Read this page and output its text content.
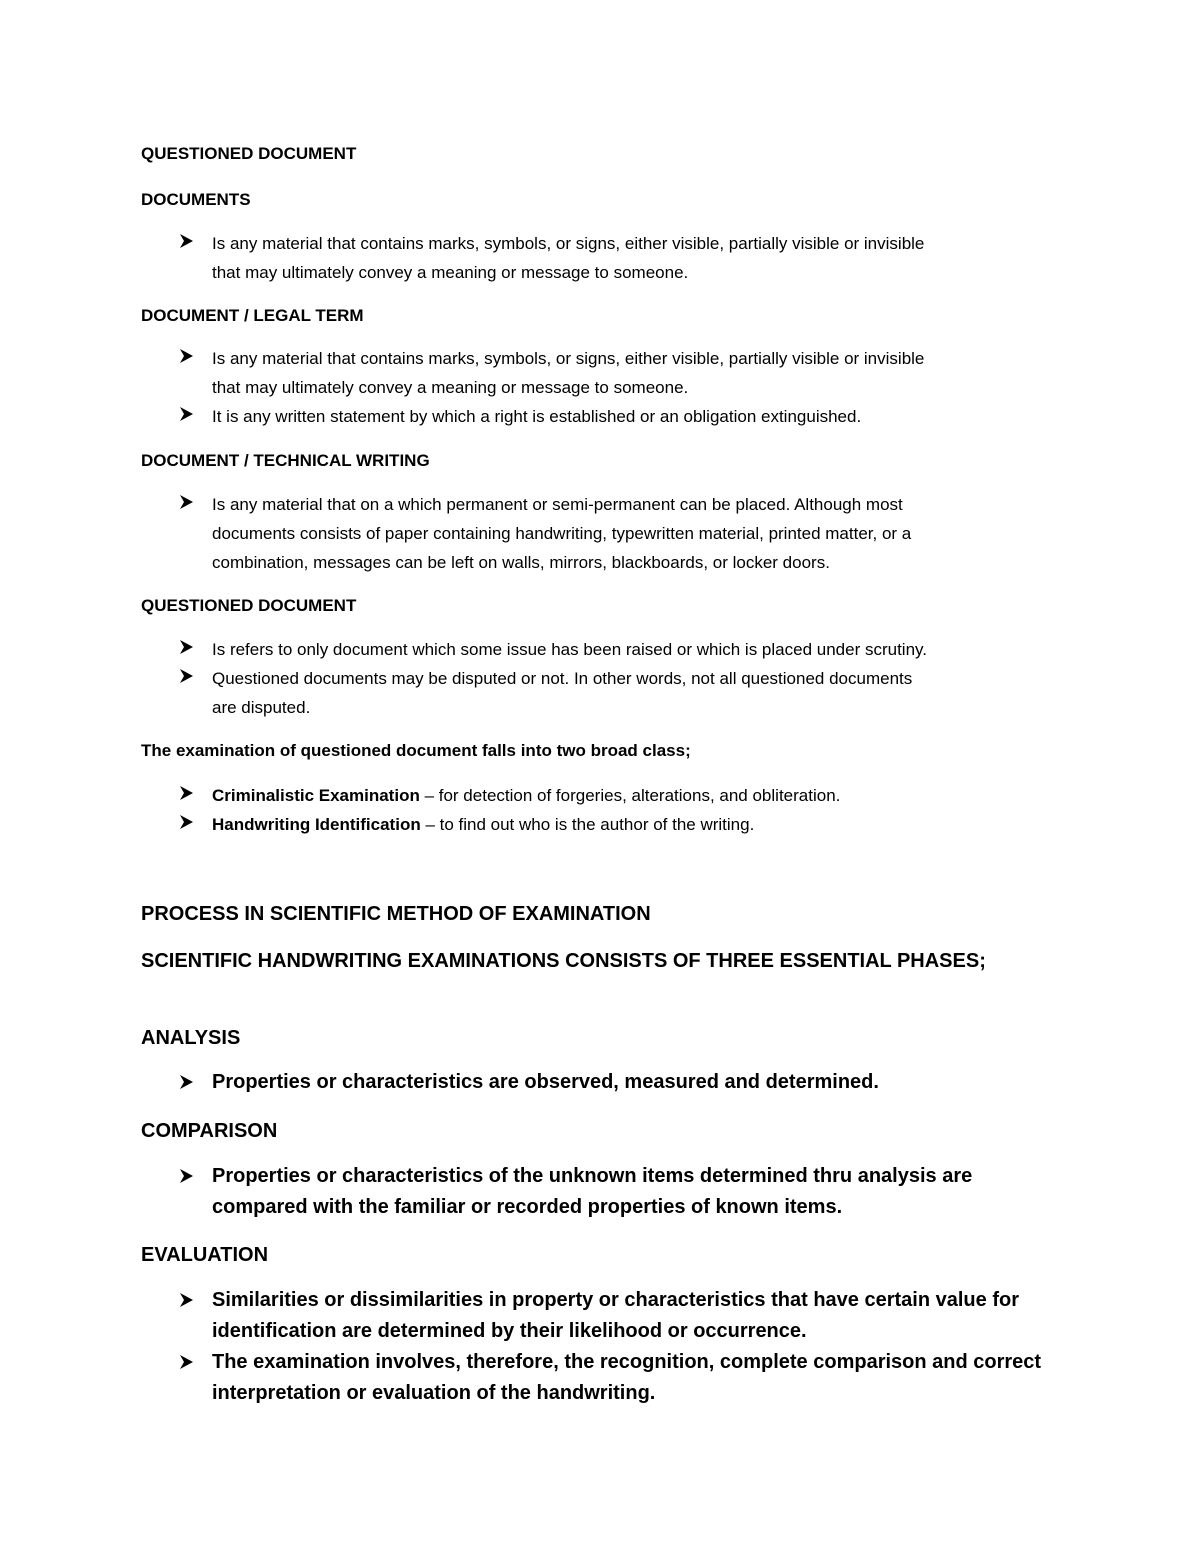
QUESTIONED DOCUMENT
DOCUMENTS
Is any material that contains marks, symbols, or signs, either visible, partially visible or invisible
that may ultimately convey a meaning or message to someone.
DOCUMENT / LEGAL TERM
Is any material that contains marks, symbols, or signs, either visible, partially visible or invisible
that may ultimately convey a meaning or message to someone.
It is any written statement by which a right is established or an obligation extinguished.
DOCUMENT / TECHNICAL WRITING
Is any material that on a which permanent or semi-permanent can be placed. Although most
documents consists of paper containing handwriting, typewritten material, printed matter, or a
combination, messages can be left on walls, mirrors, blackboards, or locker doors.
QUESTIONED DOCUMENT
Is refers to only document which some issue has been raised or which is placed under scrutiny.
Questioned documents may be disputed or not. In other words, not all questioned documents
are disputed.
The examination of questioned document falls into two broad class;
Criminalistic Examination – for detection of forgeries, alterations, and obliteration.
Handwriting Identification – to find out who is the author of the writing.
PROCESS IN SCIENTIFIC METHOD OF EXAMINATION
SCIENTIFIC HANDWRITING EXAMINATIONS CONSISTS OF THREE ESSENTIAL PHASES;
ANALYSIS
Properties or characteristics are observed, measured and determined.
COMPARISON
Properties or characteristics of the unknown items determined thru analysis are
compared with the familiar or recorded properties of known items.
EVALUATION
Similarities or dissimilarities in property or characteristics that have certain value for
identification are determined by their likelihood or occurrence.
The examination involves, therefore, the recognition, complete comparison and correct
interpretation or evaluation of the handwriting.
